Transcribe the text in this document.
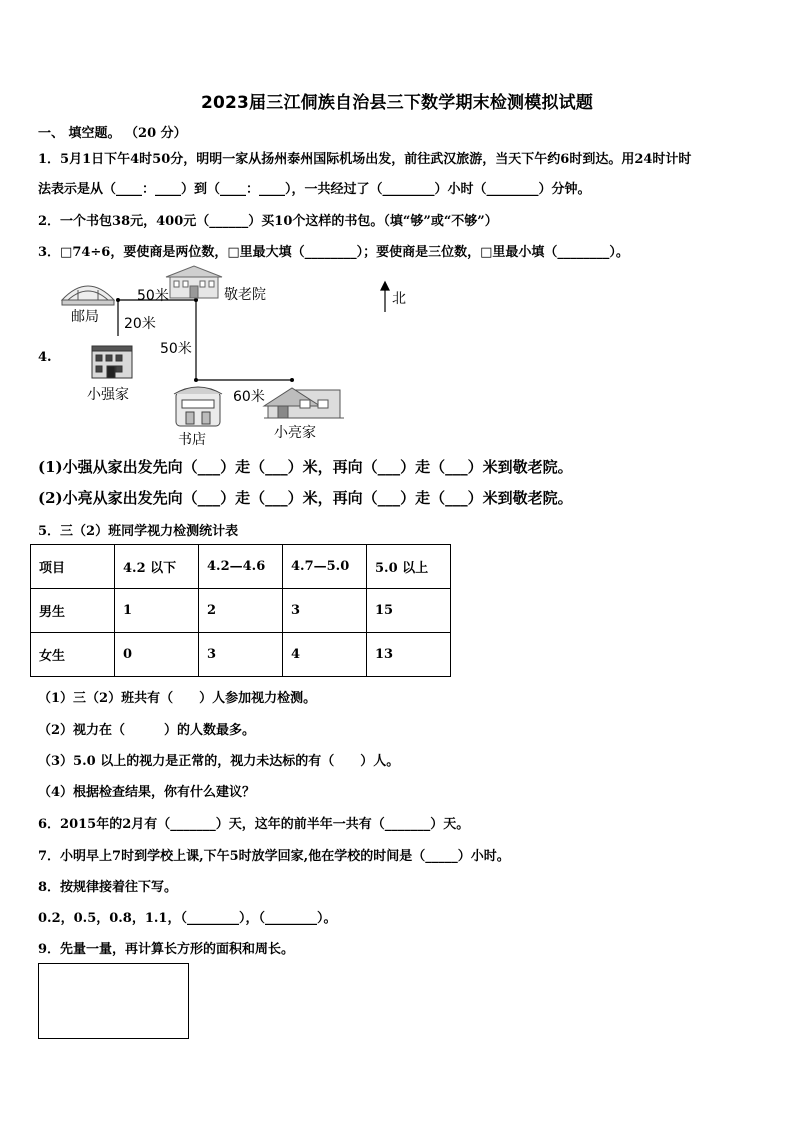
2023届三江侗族自治县三下数学期末检测模拟试题
一、 填空题。 （20 分）
1．5月1日下午4时50分，明明一家从扬州泰州国际机场出发，前往武汉旅游，当天下午约6时到达。用24时计时
法表示是从（____：____）到（____：____），一共经过了（________）小时（________）分钟。
2．一个书包38元，400元（______）买10个这样的书包。（填“够”或“不够”）
3．□74÷6，要使商是两位数，□里最大填（________）；要使商是三位数，□里最小填（________）。
4.
邮局
敬老院	北
小强家
书店	小亮家
50米
20米
50米
60米
(1)小强从家出发先向（___）走（___）米，再向（___）走（___）米到敬老院。
(2)小亮从家出发先向（___）走（___）米，再向（___）走（___）米到敬老院。
5．三（2）班同学视力检测统计表
项目	4.2 以下	4.2—4.6	4.7—5.0	5.0 以上
男生	1	2	3	15
女生	0	3	4	13
（1）三（2）班共有（　　）人参加视力检测。
（2）视力在（　　　）的人数最多。
（3）5.0 以上的视力是正常的，视力未达标的有（　　）人。
（4）根据检查结果，你有什么建议？
6．2015年的2月有（_______）天，这年的前半年一共有（_______）天。
7．小明早上7时到学校上课,下午5时放学回家,他在学校的时间是（_____）小时。
8．按规律接着往下写。
0.2，0.5，0.8，1.1，（________），（________）。
9．先量一量，再计算长方形的面积和周长。
